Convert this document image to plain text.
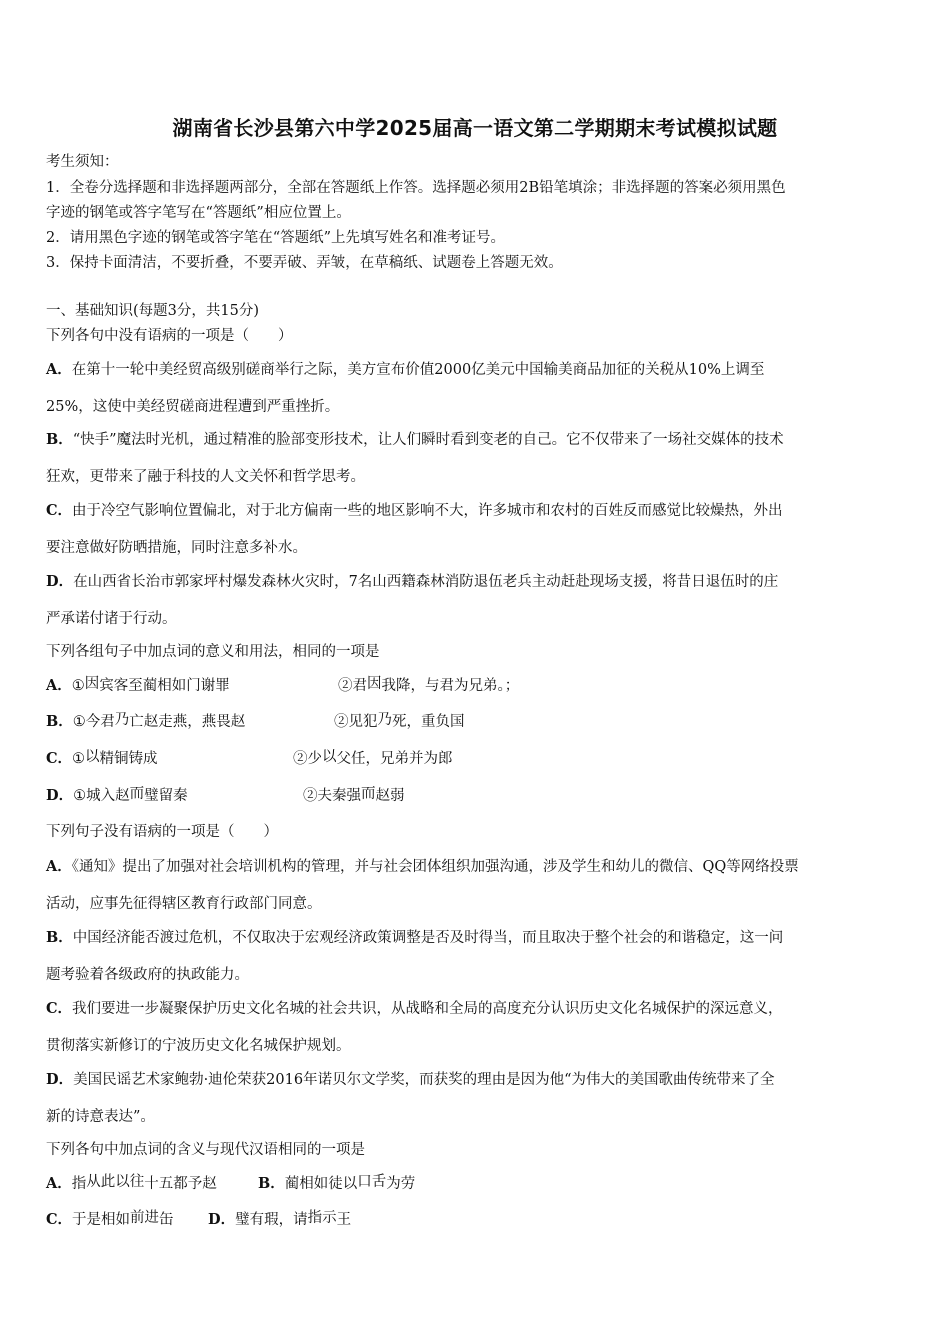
湖南省长沙县第六中学2025届高一语文第二学期期末考试模拟试题
考生须知：
1．全卷分选择题和非选择题两部分，全部在答题纸上作答。选择题必须用2B铅笔填涂；非选择题的答案必须用黑色
字迹的钢笔或答字笔写在“答题纸”相应位置上。
2．请用黑色字迹的钢笔或答字笔在“答题纸”上先填写姓名和准考证号。
3．保持卡面清洁，不要折叠，不要弄破、弄皱，在草稿纸、试题卷上答题无效。
一、基础知识(每题3分，共15分)
下列各句中没有语病的一项是（　　）
A．在第十一轮中美经贸高级别磋商举行之际，美方宣布价值2000亿美元中国输美商品加征的关税从10%上调至
25%，这使中美经贸磋商进程遭到严重挫折。
B．“快手”魔法时光机，通过精准的脸部变形技术，让人们瞬时看到变老的自己。它不仅带来了一场社交媒体的技术
狂欢，更带来了融于科技的人文关怀和哲学思考。
C．由于冷空气影响位置偏北，对于北方偏南一些的地区影响不大，许多城市和农村的百姓反而感觉比较燥热，外出
要注意做好防晒措施，同时注意多补水。
D．在山西省长治市郭家坪村爆发森林火灾时，7名山西籍森林消防退伍老兵主动赶赴现场支援，将昔日退伍时的庄
严承诺付诸于行动。
下列各组句子中加点词的意义和用法，相同的一项是
A．①因宾客至蔺相如门谢罪	②君因我降，与君为兄弟。；
B．①今君乃亡赵走燕，燕畏赵	②见犯乃死，重负国
C．①以精铜铸成	②少以父任，兄弟并为郎
D．①城入赵而璧留秦	②夫秦强而赵弱
下列句子没有语病的一项是（　　）
A．《通知》提出了加强对社会培训机构的管理，并与社会团体组织加强沟通，涉及学生和幼儿的微信、QQ等网络投票
活动，应事先征得辖区教育行政部门同意。
B．中国经济能否渡过危机，不仅取决于宏观经济政策调整是否及时得当，而且取决于整个社会的和谐稳定，这一问
题考验着各级政府的执政能力。
C．我们要进一步凝聚保护历史文化名城的社会共识，从战略和全局的高度充分认识历史文化名城保护的深远意义，
贯彻落实新修订的宁波历史文化名城保护规划。
D．美国民谣艺术家鲍勃·迪伦荣获2016年诺贝尔文学奖，而获奖的理由是因为他“为伟大的美国歌曲传统带来了全
新的诗意表达”。
下列各句中加点词的含义与现代汉语相同的一项是
A．指从此以往十五都予赵	B．蔺相如徒以口舌为劳
C．于是相如前进缶 D．璧有瑕，请指示王
